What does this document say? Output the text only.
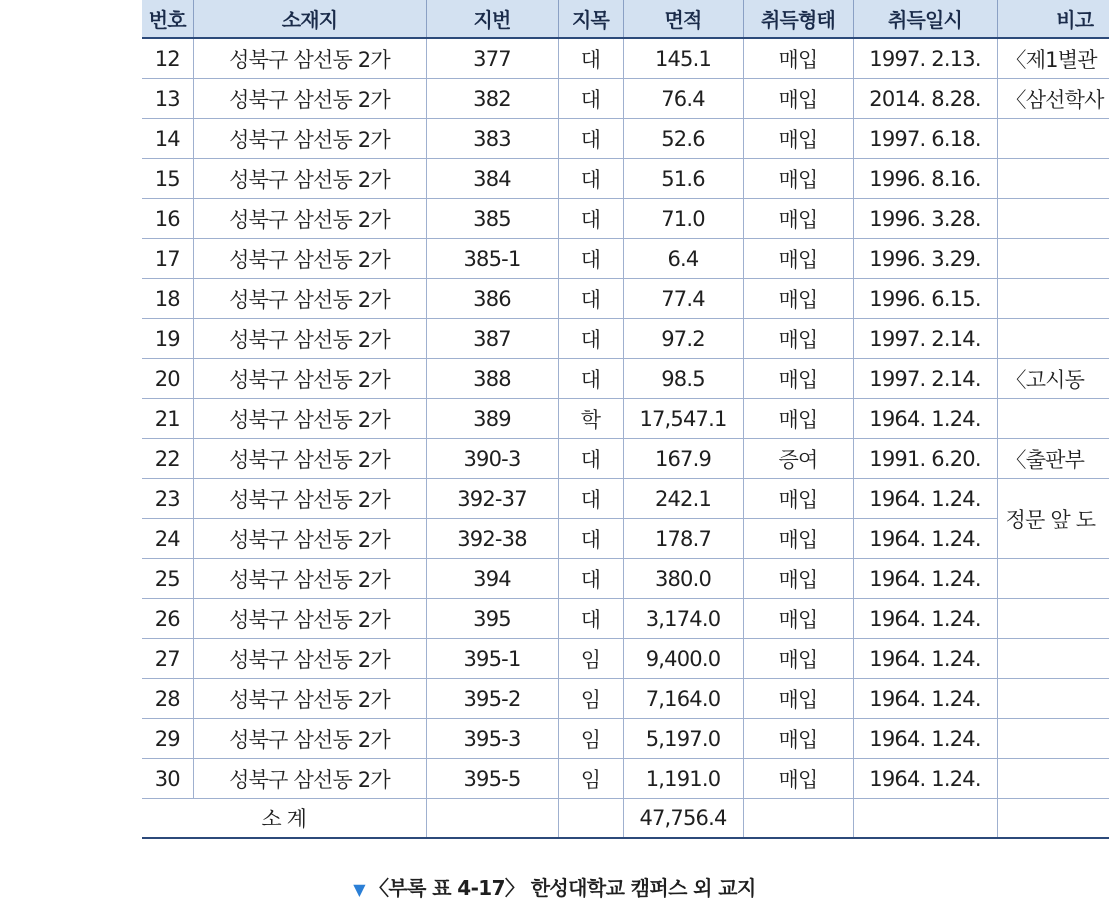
번호	소재지	지번	지목	면적	취득형태	취득일시	비고
12	성북구 삼선동 2가	377	대	145.1	매입	1997. 2.13.	〈제1별관
13	성북구 삼선동 2가	382	대	76.4	매입	2014. 8.28.	〈삼선학사
14	성북구 삼선동 2가	383	대	52.6	매입	1997. 6.18.	
15	성북구 삼선동 2가	384	대	51.6	매입	1996. 8.16.	
16	성북구 삼선동 2가	385	대	71.0	매입	1996. 3.28.	
17	성북구 삼선동 2가	385-1	대	6.4	매입	1996. 3.29.	
18	성북구 삼선동 2가	386	대	77.4	매입	1996. 6.15.	
19	성북구 삼선동 2가	387	대	97.2	매입	1997. 2.14.	
20	성북구 삼선동 2가	388	대	98.5	매입	1997. 2.14.	〈고시동
21	성북구 삼선동 2가	389	학	17,547.1	매입	1964. 1.24.	
22	성북구 삼선동 2가	390-3	대	167.9	증여	1991. 6.20.	〈출판부
23	성북구 삼선동 2가	392-37	대	242.1	매입	1964. 1.24.	정문 앞 도
24	성북구 삼선동 2가	392-38	대	178.7	매입	1964. 1.24.	
25	성북구 삼선동 2가	394	대	380.0	매입	1964. 1.24.	
26	성북구 삼선동 2가	395	대	3,174.0	매입	1964. 1.24.	
27	성북구 삼선동 2가	395-1	임	9,400.0	매입	1964. 1.24.	
28	성북구 삼선동 2가	395-2	임	7,164.0	매입	1964. 1.24.	
29	성북구 삼선동 2가	395-3	임	5,197.0	매입	1964. 1.24.	
30	성북구 삼선동 2가	395-5	임	1,191.0	매입	1964. 1.24.	
소 계				47,756.4			
▼ 〈부록 표 4-17〉 한성대학교 캠퍼스 외 교지
